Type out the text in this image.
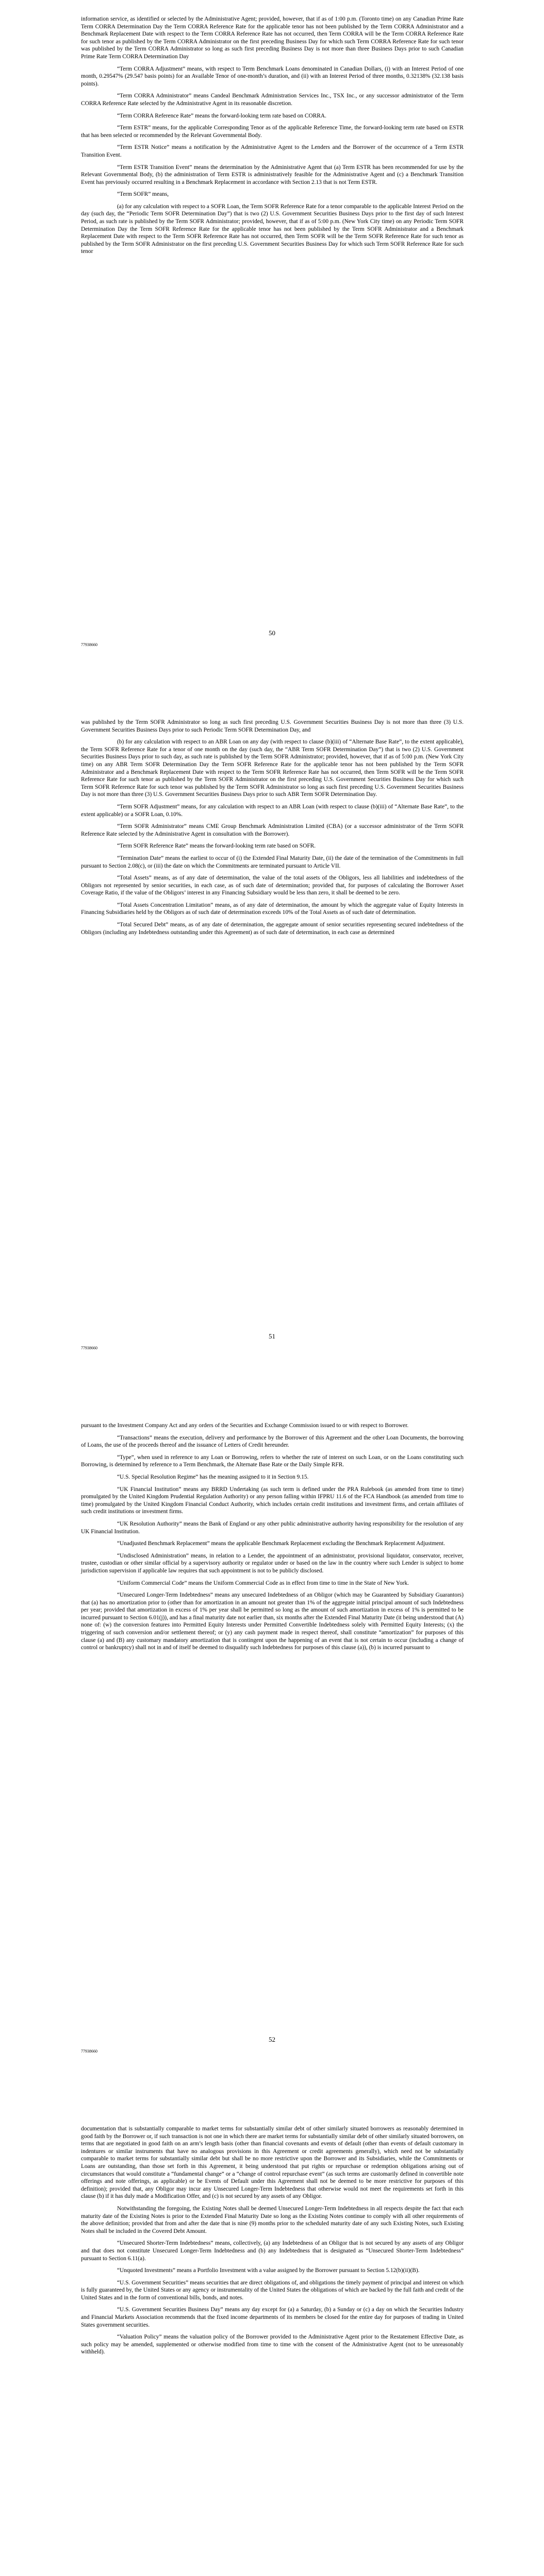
information service, as identified or selected by the Administrative Agent; provided, however, that if as of 1:00 p.m. (Toronto time) on any Canadian Prime Rate Term CORRA Determination Day the Term CORRA Reference Rate for the applicable tenor has not been published by the Term CORRA Administrator and a Benchmark Replacement Date with respect to the Term CORRA Reference Rate has not occurred, then Term CORRA will be the Term CORRA Reference Rate for such tenor as published by the Term CORRA Administrator on the first preceding Business Day for which such Term CORRA Reference Rate for such tenor was published by the Term CORRA Administrator so long as such first preceding Business Day is not more than three Business Days prior to such Canadian Prime Rate Term CORRA Determination Day

“Term CORRA Adjustment” means, with respect to Term Benchmark Loans denominated in Canadian Dollars, (i) with an Interest Period of one month, 0.29547% (29.547 basis points) for an Available Tenor of one-month’s duration, and (ii) with an Interest Period of three months, 0.32138% (32.138 basis points).

“Term CORRA Administrator” means Candeal Benchmark Administration Services Inc., TSX Inc., or any successor administrator of the Term CORRA Reference Rate selected by the Administrative Agent in its reasonable discretion.

“Term CORRA Reference Rate” means the forward-looking term rate based on CORRA.

“Term ESTR” means, for the applicable Corresponding Tenor as of the applicable Reference Time, the forward-looking term rate based on ESTR that has been selected or recommended by the Relevant Governmental Body.

“Term ESTR Notice” means a notification by the Administrative Agent to the Lenders and the Borrower of the occurrence of a Term ESTR Transition Event.

“Term ESTR Transition Event” means the determination by the Administrative Agent that (a) Term ESTR has been recommended for use by the Relevant Governmental Body, (b) the administration of Term ESTR is administratively feasible for the Administrative Agent and (c) a Benchmark Transition Event has previously occurred resulting in a Benchmark Replacement in accordance with Section 2.13 that is not Term ESTR.

“Term SOFR” means,

(a) for any calculation with respect to a SOFR Loan, the Term SOFR Reference Rate for a tenor comparable to the applicable Interest Period on the day (such day, the “Periodic Term SOFR Determination Day”) that is two (2) U.S. Government Securities Business Days prior to the first day of such Interest Period, as such rate is published by the Term SOFR Administrator; provided, however, that if as of 5:00 p.m. (New York City time) on any Periodic Term SOFR Determination Day the Term SOFR Reference Rate for the applicable tenor has not been published by the Term SOFR Administrator and a Benchmark Replacement Date with respect to the Term SOFR Reference Rate has not occurred, then Term SOFR will be the Term SOFR Reference Rate for such tenor as published by the Term SOFR Administrator on the first preceding U.S. Government Securities Business Day for which such Term SOFR Reference Rate for such tenor

50
77938660

was published by the Term SOFR Administrator so long as such first preceding U.S. Government Securities Business Day is not more than three (3) U.S. Government Securities Business Days prior to such Periodic Term SOFR Determination Day, and

(b) for any calculation with respect to an ABR Loan on any day (with respect to clause (b)(iii) of “Alternate Base Rate”, to the extent applicable), the Term SOFR Reference Rate for a tenor of one month on the day (such day, the “ABR Term SOFR Determination Day”) that is two (2) U.S. Government Securities Business Days prior to such day, as such rate is published by the Term SOFR Administrator; provided, however, that if as of 5:00 p.m. (New York City time) on any ABR Term SOFR Determination Day the Term SOFR Reference Rate for the applicable tenor has not been published by the Term SOFR Administrator and a Benchmark Replacement Date with respect to the Term SOFR Reference Rate has not occurred, then Term SOFR will be the Term SOFR Reference Rate for such tenor as published by the Term SOFR Administrator on the first preceding U.S. Government Securities Business Day for which such Term SOFR Reference Rate for such tenor was published by the Term SOFR Administrator so long as such first preceding U.S. Government Securities Business Day is not more than three (3) U.S. Government Securities Business Days prior to such ABR Term SOFR Determination Day.

“Term SOFR Adjustment” means, for any calculation with respect to an ABR Loan (with respect to clause (b)(iii) of “Alternate Base Rate”, to the extent applicable) or a SOFR Loan, 0.10%.

“Term SOFR Administrator” means CME Group Benchmark Administration Limited (CBA) (or a successor administrator of the Term SOFR Reference Rate selected by the Administrative Agent in consultation with the Borrower).

“Term SOFR Reference Rate” means the forward-looking term rate based on SOFR.

“Termination Date” means the earliest to occur of (i) the Extended Final Maturity Date, (ii) the date of the termination of the Commitments in full pursuant to Section 2.08(c), or (iii) the date on which the Commitments are terminated pursuant to Article VII.

“Total Assets” means, as of any date of determination, the value of the total assets of the Obligors, less all liabilities and indebtedness of the Obligors not represented by senior securities, in each case, as of such date of determination; provided that, for purposes of calculating the Borrower Asset Coverage Ratio, if the value of the Obligors’ interest in any Financing Subsidiary would be less than zero, it shall be deemed to be zero.

“Total Assets Concentration Limitation” means, as of any date of determination, the amount by which the aggregate value of Equity Interests in Financing Subsidiaries held by the Obligors as of such date of determination exceeds 10% of the Total Assets as of such date of determination.

“Total Secured Debt” means, as of any date of determination, the aggregate amount of senior securities representing secured indebtedness of the Obligors (including any Indebtedness outstanding under this Agreement) as of such date of determination, in each case as determined

51
77938660

pursuant to the Investment Company Act and any orders of the Securities and Exchange Commission issued to or with respect to Borrower.

“Transactions” means the execution, delivery and performance by the Borrower of this Agreement and the other Loan Documents, the borrowing of Loans, the use of the proceeds thereof and the issuance of Letters of Credit hereunder.

“Type”, when used in reference to any Loan or Borrowing, refers to whether the rate of interest on such Loan, or on the Loans constituting such Borrowing, is determined by reference to a Term Benchmark, the Alternate Base Rate or the Daily Simple RFR.

“U.S. Special Resolution Regime” has the meaning assigned to it in Section 9.15.

“UK Financial Institution” means any BRRD Undertaking (as such term is defined under the PRA Rulebook (as amended from time to time) promulgated by the United Kingdom Prudential Regulation Authority) or any person falling within IFPRU 11.6 of the FCA Handbook (as amended from time to time) promulgated by the United Kingdom Financial Conduct Authority, which includes certain credit institutions and investment firms, and certain affiliates of such credit institutions or investment firms.

“UK Resolution Authority” means the Bank of England or any other public administrative authority having responsibility for the resolution of any UK Financial Institution.

“Unadjusted Benchmark Replacement” means the applicable Benchmark Replacement excluding the Benchmark Replacement Adjustment.

“Undisclosed Administration” means, in relation to a Lender, the appointment of an administrator, provisional liquidator, conservator, receiver, trustee, custodian or other similar official by a supervisory authority or regulator under or based on the law in the country where such Lender is subject to home jurisdiction supervision if applicable law requires that such appointment is not to be publicly disclosed.

“Uniform Commercial Code” means the Uniform Commercial Code as in effect from time to time in the State of New York.

“Unsecured Longer-Term Indebtedness” means any unsecured Indebtedness of an Obligor (which may be Guaranteed by Subsidiary Guarantors) that (a) has no amortization prior to (other than for amortization in an amount not greater than 1% of the aggregate initial principal amount of such Indebtedness per year; provided that amortization in excess of 1% per year shall be permitted so long as the amount of such amortization in excess of 1% is permitted to be incurred pursuant to Section 6.01(j)), and has a final maturity date not earlier than, six months after the Extended Final Maturity Date (it being understood that (A) none of: (w) the conversion features into Permitted Equity Interests under Permitted Convertible Indebtedness solely with Permitted Equity Interests; (x) the triggering of such conversion and/or settlement thereof; or (y) any cash payment made in respect thereof, shall constitute “amortization” for purposes of this clause (a) and (B) any customary mandatory amortization that is contingent upon the happening of an event that is not certain to occur (including a change of control or bankruptcy) shall not in and of itself be deemed to disqualify such Indebtedness for purposes of this clause (a)), (b) is incurred pursuant to

52
77938660

documentation that is substantially comparable to market terms for substantially similar debt of other similarly situated borrowers as reasonably determined in good faith by the Borrower or, if such transaction is not one in which there are market terms for substantially similar debt of other similarly situated borrowers, on terms that are negotiated in good faith on an arm’s length basis (other than financial covenants and events of default (other than events of default customary in indentures or similar instruments that have no analogous provisions in this Agreement or credit agreements generally), which need not be substantially comparable to market terms for substantially similar debt but shall be no more restrictive upon the Borrower and its Subsidiaries, while the Commitments or Loans are outstanding, than those set forth in this Agreement, it being understood that put rights or repurchase or redemption obligations arising out of circumstances that would constitute a “fundamental change” or a “change of control repurchase event” (as such terms are customarily defined in convertible note offerings and note offerings, as applicable) or be Events of Default under this Agreement shall not be deemed to be more restrictive for purposes of this definition); provided that, any Obligor may incur any Unsecured Longer-Term Indebtedness that otherwise would not meet the requirements set forth in this clause (b) if it has duly made a Modification Offer, and (c) is not secured by any assets of any Obligor.

Notwithstanding the foregoing, the Existing Notes shall be deemed Unsecured Longer-Term Indebtedness in all respects despite the fact that each maturity date of the Existing Notes is prior to the Extended Final Maturity Date so long as the Existing Notes continue to comply with all other requirements of the above definition; provided that from and after the date that is nine (9) months prior to the scheduled maturity date of any such Existing Notes, such Existing Notes shall be included in the Covered Debt Amount.

“Unsecured Shorter-Term Indebtedness” means, collectively, (a) any Indebtedness of an Obligor that is not secured by any assets of any Obligor and that does not constitute Unsecured Longer-Term Indebtedness and (b) any Indebtedness that is designated as “Unsecured Shorter-Term Indebtedness” pursuant to Section 6.11(a).

“Unquoted Investments” means a Portfolio Investment with a value assigned by the Borrower pursuant to Section 5.12(b)(ii)(B).

“U.S. Government Securities” means securities that are direct obligations of, and obligations the timely payment of principal and interest on which is fully guaranteed by, the United States or any agency or instrumentality of the United States the obligations of which are backed by the full faith and credit of the United States and in the form of conventional bills, bonds, and notes.

“U.S. Government Securities Business Day” means any day except for (a) a Saturday, (b) a Sunday or (c) a day on which the Securities Industry and Financial Markets Association recommends that the fixed income departments of its members be closed for the entire day for purposes of trading in United States government securities.

“Valuation Policy” means the valuation policy of the Borrower provided to the Administrative Agent prior to the Restatement Effective Date, as such policy may be amended, supplemented or otherwise modified from time to time with the consent of the Administrative Agent (not to be unreasonably withheld).
